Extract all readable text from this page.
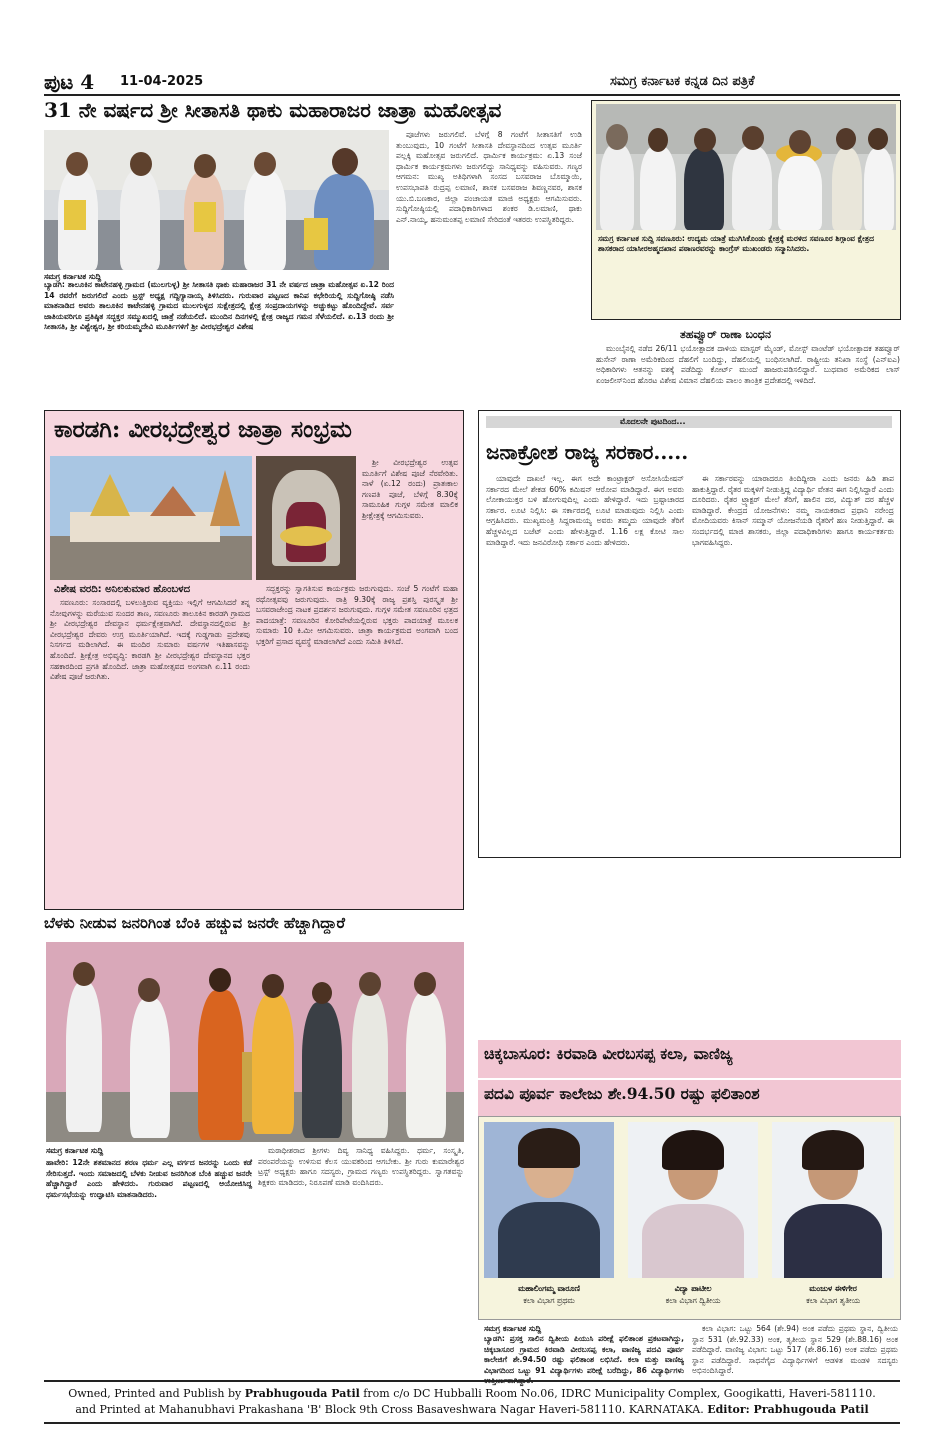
ಪುಟ 4 11-04-2025	ಸಮಗ್ರ ಕರ್ನಾಟಕ ಕನ್ನಡ ದಿನ ಪತ್ರಿಕೆ
31 ನೇ ವರ್ಷದ ಶ್ರೀ ಸೀತಾಸತಿ ಥಾಕು ಮಹಾರಾಜರ ಜಾತ್ರಾ ಮಹೋತ್ಸವ
ಸಮಗ್ರ ಕರ್ನಾಟಕ ಸುದ್ದಿ

ಪೂಜೆಗಳು ಜರುಗಲಿವೆ. ಬೆಳಗ್ಗೆ 8 ಗಂಟೆಗೆ ಸೀತಾಸತಿಗೆ ಉಡಿ ತುಂಬುವುದು, 10 ಗಂಟೆಗೆ ಸೀತಾಸತಿ ದೇವಸ್ಥಾನದಿಂದ ಉತ್ಸವ ಮೂರ್ತಿ ಪಲ್ಲಕ್ಕಿ ಮಹೋತ್ಸವ ಜರುಗಲಿದೆ. ಧಾರ್ಮಿಕ ಕಾರ್ಯಕ್ರಮ: ಏ.13 ಸಂಜೆ ಧಾರ್ಮಿಕ ಕಾರ್ಯಕ್ರಮಗಳು ಜರುಗಲಿದ್ದು ಸಾನಿಧ್ಯವನ್ನು ವಹಿಸುವರು. ಗಣ್ಯರ ಆಗಮನ: ಮುಖ್ಯ ಅತಿಥಿಗಳಾಗಿ ಸಂಸದ ಬಸವರಾಜ ಬೊಮ್ಮಾಯಿ, ಉಪಸಭಾಪತಿ ರುದ್ರಪ್ಪ ಲಮಾಣಿ, ಶಾಸಕ ಬಸವರಾಜ ಶಿವಣ್ಣನವರ, ಶಾಸಕ ಯು.ಬಿ.ಬಣಕಾರ, ಜಿಲ್ಲಾ ಪಂಚಾಯತ ಮಾಜಿ ಅಧ್ಯಕ್ಷರು ಆಗಮಿಸುವರು. ಸುದ್ದಿಗೋಷ್ಠಿಯಲ್ಲಿ ಪದಾಧಿಕಾರಿಗಳಾದ ಶಂಕರ ಡಿ.ಲಮಾಣಿ, ಥಾಕು ಎನ್.ನಾಯ್ಕ, ಹನುಮಂತಪ್ಪ ಲಮಾಣಿ ಸೇರಿದಂತೆ ಇತರರು ಉಪಸ್ಥಿತರಿದ್ದರು.

ಬ್ಯಾಡಗಿ: ತಾಲೂಕಿನ ಕಾಟೇನಹಳ್ಳಿ ಗ್ರಾಮದ (ಮುಲಗುಳ್ಳ) ಶ್ರೀ ಸೀತಾಸತಿ ಥಾಕು ಮಹಾರಾಜರ 31 ನೇ ವರ್ಷದ ಜಾತ್ರಾ ಮಹೋತ್ಸವ ಏ.12 ರಿಂದ 14 ರವರೆಗೆ ಜರುಗಲಿದೆ ಎಂದು ಟ್ರಸ್ಟ್ ಅಧ್ಯಕ್ಷ ಗದ್ದಿಗ್ಯಾನಾಯ್ಕ ತಿಳಿಸಿದರು. ಗುರುವಾರ ಪಟ್ಟಣದ ಕಾನಿಪ ಕಛೇರಿಯಲ್ಲಿ ಸುದ್ದಿಗೋಷ್ಠಿ ನಡೆಸಿ ಮಾತನಾಡಿದ ಅವರು ತಾಲೂಕಿನ ಕಾಟೇನಹಳ್ಳಿ ಗ್ರಾಮದ ಮುಲಗುಳ್ಳದ ಸುಕ್ಷೇತ್ರದಲ್ಲಿ ಕ್ಷೇತ್ರ ಸಂಪ್ರದಾಯಗಳನ್ನು ಅಚ್ಚುಕಟ್ಟು ಹೊಂದಿದ್ದೇವೆ. ಸರ್ವ ಜಾತಿಯವರಿಗೂ ಪ್ರತಿಷ್ಠಿತ ಸದ್ಭಕ್ತರ ಸಮ್ಮುಖದಲ್ಲಿ ಜಾತ್ರೆ ನಡೆಯಲಿದೆ. ಮುಂದಿನ ದಿನಗಳಲ್ಲಿ ಕ್ಷೇತ್ರ ರಾಜ್ಯದ ಗಮನ ಸೆಳೆಯಲಿದೆ. ಏ.13 ರಂದು ಶ್ರೀ ಸೀತಾಸತಿ, ಶ್ರೀ ವಿಶ್ವೇಶ್ವರ, ಶ್ರೀ ಕರಿಯಮ್ಮದೇವಿ ಮೂರ್ತಿಗಳಿಗೆ ಶ್ರೀ ವೀರಭದ್ರೇಶ್ವರ ವಿಶೇಷ

ಸಮಗ್ರ ಕರ್ನಾಟಕ ಸುದ್ದಿ ಸವಣೂರು: ಉದ್ಯಮ ಯಾತ್ರೆ ಮುಗಿಸಿಕೊಂಡು ಕ್ಷೇತ್ರಕ್ಕೆ ಮರಳಿದ ಸವಣೂರ ಶಿಗ್ಗಾಂವ ಕ್ಷೇತ್ರದ ಶಾಸಕರಾದ ಯಾಸೀರಅಹ್ಮದಖಾನ ಪಠಾಣರವರನ್ನು ಕಾಂಗ್ರೆಸ್ ಮುಖಂಡರು ಸನ್ಮಾನಿಸಿದರು.
ತಹವ್ವೂರ್ ರಾಣಾ ಬಂಧನ

ಮುಂಬೈನಲ್ಲಿ ನಡೆದ 26/11 ಭಯೋತ್ಪಾದಕ ದಾಳಿಯ ಮಾಸ್ಟರ್ ಮೈಂಡ್, ಮೋಸ್ಟ್ ವಾಂಟೆಡ್ ಭಯೋತ್ಪಾದಕ ತಹವ್ವೂರ್ ಹುಸೇನ್ ರಾಣಾ ಅಮೆರಿಕದಿಂದ ದೆಹಲಿಗೆ ಬಂದಿದ್ದು, ದೆಹಲಿಯಲ್ಲಿ ಬಂಧಿಸಲಾಗಿದೆ. ರಾಷ್ಟ್ರೀಯ ತನಿಖಾ ಸಂಸ್ಥೆ (ಎನ್ಐಎ) ಅಧಿಕಾರಿಗಳು ಆತನನ್ನು ವಶಕ್ಕೆ ಪಡೆದಿದ್ದು ಕೋರ್ಟ್ ಮುಂದೆ ಹಾಜರುಪಡಿಸಲಿದ್ದಾರೆ. ಬುಧವಾರ ಅಮೆರಿಕದ ಲಾಸ್ ಏಂಜಲೀಸ್‌ನಿಂದ ಹೊರಟ ವಿಶೇಷ ವಿಮಾನ ದೆಹಲಿಯ ಪಾಲಂ ತಾಂತ್ರಿಕ ಪ್ರದೇಶದಲ್ಲಿ ಇಳಿದಿದೆ.

ಕಾರಡಗಿ: ವೀರಭದ್ರೇಶ್ವರ ಜಾತ್ರಾ ಸಂಭ್ರಮ

ಶ್ರೀ ವೀರಭದ್ರೇಶ್ವರ ಉತ್ಸವ ಮೂರ್ತಿಗೆ ವಿಶೇಷ ಪೂಜೆ ನೆರವೇರಿತು. ನಾಳೆ (ಏ.12 ರಂದು) ಪ್ರಾತಃಕಾಲ ಗಣಪತಿ ಪೂಜೆ, ಬೆಳಿಗ್ಗೆ 8.30ಕ್ಕೆ ಸಾಮೂಹಿಕ ಗುಗ್ಗಳ ಸಮೇತ ಮಾಲಿಕ ಶ್ರೀಕ್ಷೇತ್ರಕ್ಕೆ ಆಗಮಿಸುವರು.

ವಿಶೇಷ ವರದಿ: ಅನಿಲಕುಮಾರ ಹೊಂಬಳದ

ಸವಣೂರು: ಸಂಸಾರದಲ್ಲಿ ಬಳಲುತ್ತಿರುವ ವ್ಯಕ್ತಿಯು ಇಲ್ಲಿಗೆ ಆಗಮಿಸಿದರೆ ತನ್ನ ನೋವುಗಳನ್ನು ಮರೆಯುವ ಸುಂದರ ತಾಣ, ಸವಣೂರು ತಾಲೂಕಿನ ಕಾರಡಗಿ ಗ್ರಾಮದ ಶ್ರೀ ವೀರಭದ್ರೇಶ್ವರ ದೇವಸ್ಥಾನ ಧರ್ಮಕ್ಷೇತ್ರವಾಗಿದೆ. ದೇವಸ್ಥಾನದಲ್ಲಿರುವ ಶ್ರೀ ವೀರಭದ್ರೇಶ್ವರ ದೇವರು ಉಗ್ರ ಮೂರ್ತಿಯಾಗಿದೆ. ಇದಕ್ಕೆ ಗುಡ್ಡಗಾಡು ಪ್ರದೇಶವು ನಿಸರ್ಗದ ಮಡಿಲಾಗಿದೆ. ಈ ಮಂದಿರ ಸುಮಾರು ವರ್ಷಗಳ ಇತಿಹಾಸವನ್ನು ಹೊಂದಿದೆ. ಶ್ರೀಕ್ಷೇತ್ರ ಅಭಿವೃದ್ಧಿ: ಕಾರಡಗಿ ಶ್ರೀ ವೀರಭದ್ರೇಶ್ವರ ದೇವಸ್ಥಾನದ ಭಕ್ತರ ಸಹಕಾರದಿಂದ ಪ್ರಗತಿ ಹೊಂದಿದೆ. ಜಾತ್ರಾ ಮಹೋತ್ಸವದ ಅಂಗವಾಗಿ ಏ.11 ರಂದು ವಿಶೇಷ ಪೂಜೆ ಜರುಗಿತು.

ಸದ್ಭಕ್ತರನ್ನು ಸ್ವಾಗತಿಸುವ ಕಾರ್ಯಕ್ರಮ ಜರುಗುವುದು. ಸಂಜೆ 5 ಗಂಟೆಗೆ ಮಹಾ ರಥೋತ್ಸವವು ಜರುಗುವುದು. ರಾತ್ರಿ 9.30ಕ್ಕೆ ರಾಜ್ಯ ಪ್ರಶಸ್ತಿ ಪುರಸ್ಕೃತ ಶ್ರೀ ಬಸವರಾಜೇಂದ್ರ ನಾಟಕ ಪ್ರದರ್ಶನ ಜರುಗುವುದು. ಗುಗ್ಗಳ ಸಮೇತ ಸವಣೂರಿನ ಛತ್ರದ ಪಾದಯಾತ್ರೆ: ಸವಣೂರಿನ ಕೋರಿಪೇಟೆಯಲ್ಲಿರುವ ಭಕ್ತರು ಪಾದಯಾತ್ರೆ ಮೂಲಕ ಸುಮಾರು 10 ಕಿ.ಮೀ ಆಗಮಿಸುವರು. ಜಾತ್ರಾ ಕಾರ್ಯಕ್ರಮದ ಅಂಗವಾಗಿ ಬಂದ ಭಕ್ತರಿಗೆ ಪ್ರಸಾದ ವ್ಯವಸ್ಥೆ ಮಾಡಲಾಗಿದೆ ಎಂದು ಸಮಿತಿ ತಿಳಿಸಿದೆ.

ಮೊದಲನೇ ಪುಟದಿಂದ...
ಜನಾಕ್ರೋಶ ರಾಜ್ಯ ಸರಕಾರ.....

ಯಾವುದೇ ದಾಖಲೆ ಇಲ್ಲ. ಈಗ ಅದೇ ಕಾಂಟ್ರಾಕ್ಟರ್ ಅಸೋಸಿಯೇಷನ್ ಸರ್ಕಾರದ ಮೇಲೆ ಶೇಕಡ 60% ಕಮಿಷನ್ ಆರೋಪ ಮಾಡಿದ್ದಾರೆ. ಈಗ ಅವರು ಲೋಕಾಯುಕ್ತರ ಬಳಿ ಹೋಗುವುದಿಲ್ಲ ಎಂದು ಹೇಳಿದ್ದಾರೆ. ಇದು ಬ್ರಷ್ಟಾಚಾರದ ಸರ್ಕಾರ. ಲೂಟಿ ನಿಲ್ಲಿಸಿ: ಈ ಸರ್ಕಾರದಲ್ಲಿ ಲೂಟಿ ಮಾಡುವುದು ನಿಲ್ಲಿಸಿ ಎಂದು ಆಗ್ರಹಿಸಿದರು. ಮುಖ್ಯಮಂತ್ರಿ ಸಿದ್ದರಾಮಯ್ಯ ಅವರು ತಮ್ಮದು ಯಾವುದೇ ತೆರಿಗೆ ಹೆಚ್ಚಳವಿಲ್ಲದ ಬಜೆಟ್ ಎಂದು ಹೇಳುತ್ತಿದ್ದಾರೆ. 1.16 ಲಕ್ಷ ಕೋಟಿ ಸಾಲ ಮಾಡಿದ್ದಾರೆ. ಇದು ಜನವಿರೋಧಿ ಸರ್ಕಾರ ಎಂದು ಹೇಳಿದರು.

ಈ ಸರ್ಕಾರವನ್ನು ಯಾರಾದರೂ ತಿಂದಿದ್ದೀರಾ ಎಂದು ಜನರು ಹಿಡಿ ಶಾಪ ಹಾಕುತ್ತಿದ್ದಾರೆ. ರೈತರ ಮಕ್ಕಳಿಗೆ ನೀಡುತ್ತಿದ್ದ ವಿದ್ಯಾರ್ಥಿ ವೇತನ ಈಗ ನಿಲ್ಲಿಸಿದ್ದಾರೆ ಎಂದು ದೂರಿದರು. ರೈತರ ಟ್ರ್ಯಾಕ್ಟರ್ ಮೇಲೆ ತೆರಿಗೆ, ಹಾಲಿನ ದರ, ವಿದ್ಯುತ್ ದರ ಹೆಚ್ಚಳ ಮಾಡಿದ್ದಾರೆ. ಕೇಂದ್ರದ ಯೋಜನೆಗಳು: ನಮ್ಮ ನಾಯಕರಾದ ಪ್ರಧಾನಿ ನರೇಂದ್ರ ಮೋದಿಯವರು ಕಿಸಾನ್ ಸಮ್ಮಾನ್ ಯೋಜನೆಯಡಿ ರೈತರಿಗೆ ಹಣ ನೀಡುತ್ತಿದ್ದಾರೆ. ಈ ಸಂದರ್ಭದಲ್ಲಿ ಮಾಜಿ ಶಾಸಕರು, ಜಿಲ್ಲಾ ಪದಾಧಿಕಾರಿಗಳು ಹಾಗೂ ಕಾರ್ಯಕರ್ತರು ಭಾಗವಹಿಸಿದ್ದರು.

ಬೆಳಕು ನೀಡುವ ಜನರಿಗಿಂತ ಬೆಂಕಿ ಹಚ್ಚುವ ಜನರೇ ಹೆಚ್ಚಾಗಿದ್ದಾರೆ
ಸಮಗ್ರ ಕರ್ನಾಟಕ ಸುದ್ದಿ

ಹಾವೇರಿ: 12ನೇ ಶತಮಾನದ ಶರಣ ಧರ್ಮ ಎಲ್ಲ ವರ್ಗದ ಜನರನ್ನು ಒಂದು ಕಡೆ ಸೇರಿಸುತ್ತದೆ. ಇಂದು ಸಮಾಜದಲ್ಲಿ ಬೆಳಕು ನೀಡುವ ಜನರಿಗಿಂತ ಬೆಂಕಿ ಹಚ್ಚುವ ಜನರೇ ಹೆಚ್ಚಾಗಿದ್ದಾರೆ ಎಂದು ಹೇಳಿದರು. ಗುರುವಾರ ಪಟ್ಟಣದಲ್ಲಿ ಆಯೋಜಿಸಿದ್ದ ಧರ್ಮಸಭೆಯನ್ನು ಉದ್ಘಾಟಿಸಿ ಮಾತನಾಡಿದರು.

ಮಠಾಧೀಶರಾದ ಶ್ರೀಗಳು ದಿವ್ಯ ಸಾನಿಧ್ಯ ವಹಿಸಿದ್ದರು. ಧರ್ಮ, ಸಂಸ್ಕೃತಿ, ಪರಂಪರೆಯನ್ನು ಉಳಿಸುವ ಕೆಲಸ ಯುವಕರಿಂದ ಆಗಬೇಕು. ಶ್ರೀ ಗುರು ಕುಮಾರೇಶ್ವರ ಟ್ರಸ್ಟ್ ಅಧ್ಯಕ್ಷರು ಹಾಗೂ ಸದಸ್ಯರು, ಗ್ರಾಮದ ಗಣ್ಯರು ಉಪಸ್ಥಿತರಿದ್ದರು. ಸ್ವಾಗತವನ್ನು ಶಿಕ್ಷಕರು ಮಾಡಿದರು, ನಿರೂಪಣೆ ಮಾಡಿ ವಂದಿಸಿದರು.

ಚಿಕ್ಕಬಾಸೂರ: ಕಿರವಾಡಿ ವೀರಬಸಪ್ಪ ಕಲಾ, ವಾಣಿಜ್ಯ
ಪದವಿ ಪೂರ್ವ ಕಾಲೇಜು ಶೇ.94.50 ರಷ್ಟು ಫಲಿತಾಂಶ
ಮಹಾಲಿಂಗಮ್ಮ ವಾರೂಣಿ
ಕಲಾ ವಿಭಾಗ ಪ್ರಥಮ
ವಿದ್ಯಾ ಪಾಟೀಲ
ಕಲಾ ವಿಭಾಗ ದ್ವಿತೀಯ
ಮಂಜುಳ ಈಳಿಗೇರ
ಕಲಾ ವಿಭಾಗ ತೃತೀಯ
ಸಮಗ್ರ ಕರ್ನಾಟಕ ಸುದ್ದಿ

ಬ್ಯಾಡಗಿ: ಪ್ರಸಕ್ತ ಸಾಲಿನ ದ್ವಿತೀಯ ಪಿಯುಸಿ ಪರೀಕ್ಷೆ ಫಲಿತಾಂಶ ಪ್ರಕಟವಾಗಿದ್ದು, ಚಿಕ್ಕಬಾಸೂರ ಗ್ರಾಮದ ಕಿರವಾಡಿ ವೀರಬಸಪ್ಪ ಕಲಾ, ವಾಣಿಜ್ಯ ಪದವಿ ಪೂರ್ವ ಕಾಲೇಜಿಗೆ ಶೇ.94.50 ರಷ್ಟು ಫಲಿತಾಂಶ ಲಭಿಸಿದೆ. ಕಲಾ ಮತ್ತು ವಾಣಿಜ್ಯ ವಿಭಾಗದಿಂದ ಒಟ್ಟು 91 ವಿದ್ಯಾರ್ಥಿಗಳು ಪರೀಕ್ಷೆ ಬರೆದಿದ್ದು, 86 ವಿದ್ಯಾರ್ಥಿಗಳು

ಕಲಾ ವಿಭಾಗ: ಒಟ್ಟು 564 (ಶೇ.94) ಅಂಕ ಪಡೆದು ಪ್ರಥಮ ಸ್ಥಾನ, ದ್ವಿತೀಯ ಸ್ಥಾನ 531 (ಶೇ.92.33) ಅಂಕ, ತೃತೀಯ ಸ್ಥಾನ 529 (ಶೇ.88.16) ಅಂಕ ಪಡೆದಿದ್ದಾರೆ. ವಾಣಿಜ್ಯ ವಿಭಾಗ: ಒಟ್ಟು 517 (ಶೇ.86.16) ಅಂಕ ಪಡೆದು ಪ್ರಥಮ ಸ್ಥಾನ ಪಡೆದಿದ್ದಾರೆ. ಸಾಧನೆಗೈದ ವಿದ್ಯಾರ್ಥಿಗಳಿಗೆ ಆಡಳಿತ ಮಂಡಳಿ ಸದಸ್ಯರು ಅಭಿನಂದಿಸಿದ್ದಾರೆ.

Owned, Printed and Publish by Prabhugouda Patil from c/o DC Hubballi Room No.06, IDRC Municipality Complex, Googikatti, Haveri-581110.
and Printed at Mahanubhavi Prakashana 'B' Block 9th Cross Basaveshwara Nagar Haveri-581110. KARNATAKA. Editor: Prabhugouda Patil
